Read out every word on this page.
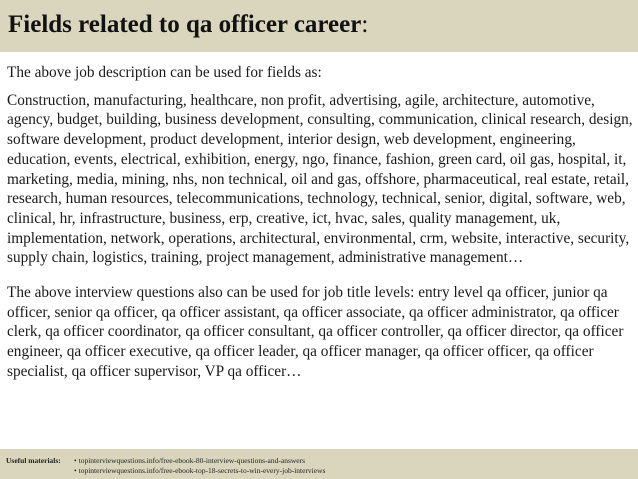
Fields related to qa officer career:

The above job description can be used for fields as:

Construction, manufacturing, healthcare, non profit, advertising, agile, architecture, automotive, agency, budget, building, business development, consulting, communication, clinical research, design, software development, product development, interior design, web development, engineering, education, events, electrical, exhibition, energy, ngo, finance, fashion, green card, oil gas, hospital, it, marketing, media, mining, nhs, non technical, oil and gas, offshore, pharmaceutical, real estate, retail, research, human resources, telecommunications, technology, technical, senior, digital, software, web, clinical, hr, infrastructure, business, erp, creative, ict, hvac, sales, quality management, uk, implementation, network, operations, architectural, environmental, crm, website, interactive, security, supply chain, logistics, training, project management, administrative management…

The above interview questions also can be used for job title levels: entry level qa officer, junior qa officer, senior qa officer, qa officer assistant, qa officer associate, qa officer administrator, qa officer clerk, qa officer coordinator, qa officer consultant, qa officer controller, qa officer director, qa officer engineer, qa officer executive, qa officer leader, qa officer manager, qa officer officer, qa officer specialist, qa officer supervisor, VP qa officer…

Useful materials: • topinterviewquestions.info/free-ebook-80-interview-questions-and-answers
• topinterviewquestions.info/free-ebook-top-18-secrets-to-win-every-job-interviews
